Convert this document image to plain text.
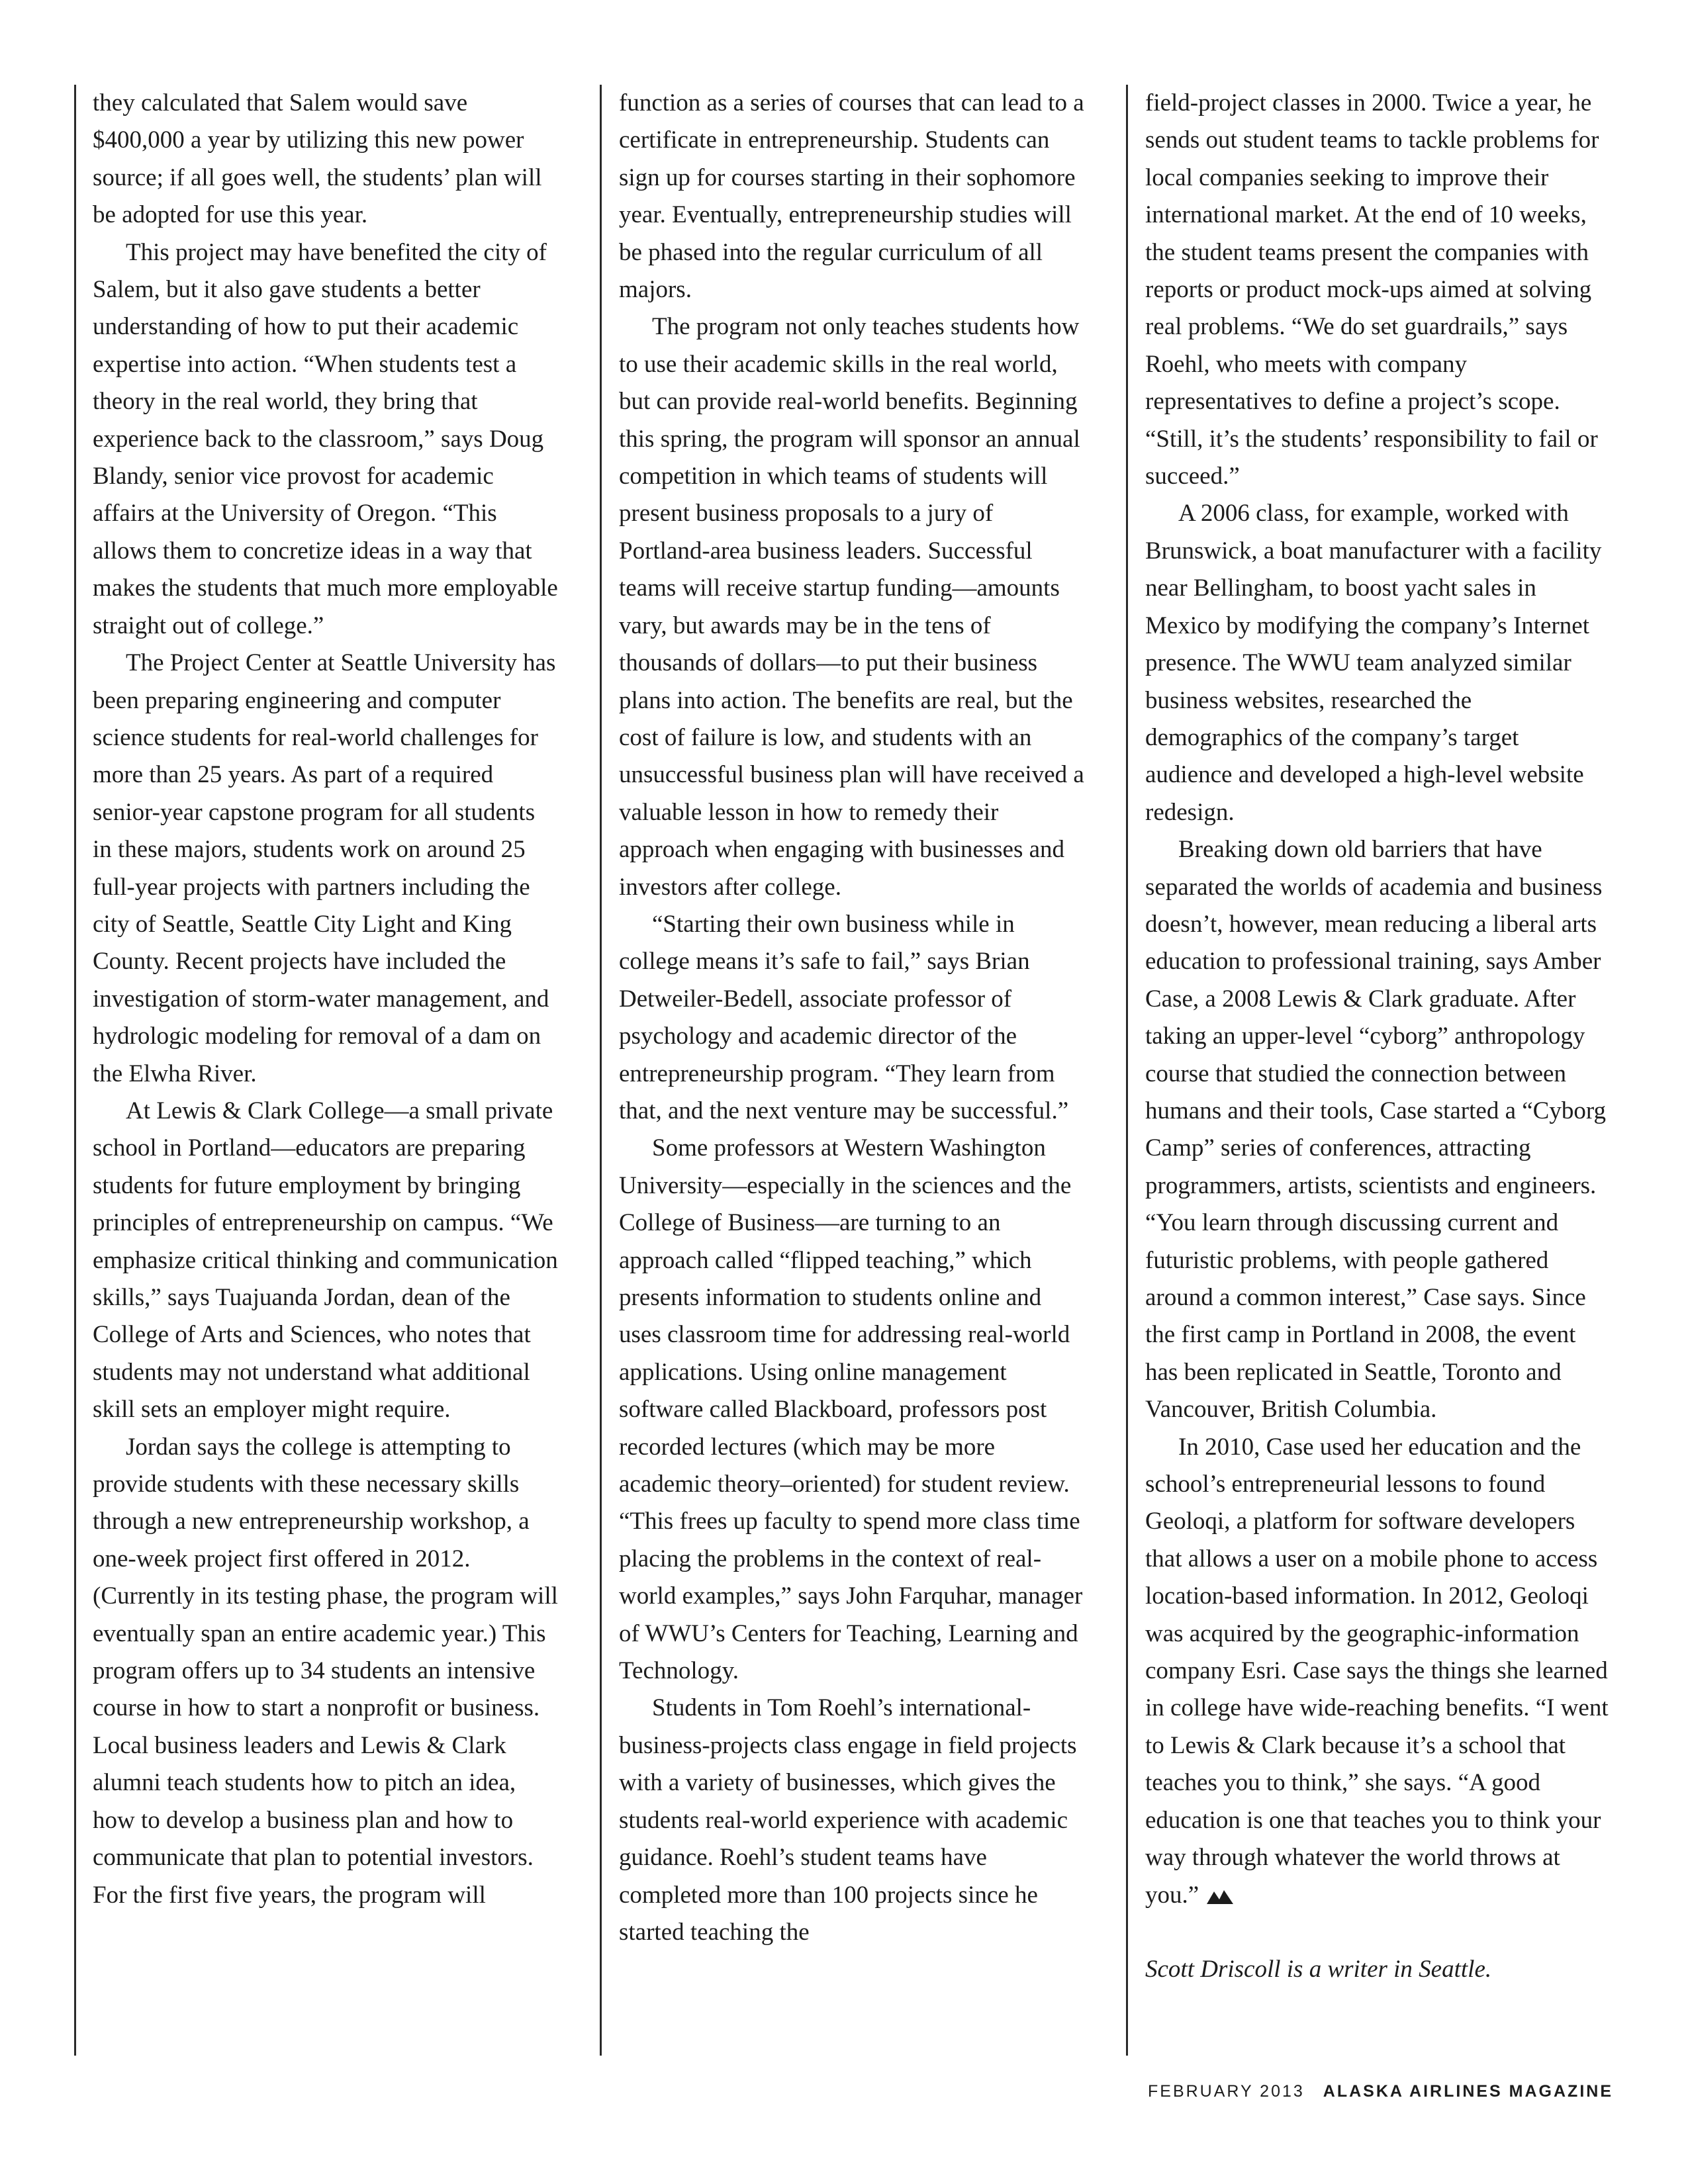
they calculated that Salem would save $400,000 a year by utilizing this new power source; if all goes well, the students’ plan will be adopted for use this year.

This project may have benefited the city of Salem, but it also gave students a better understanding of how to put their academic expertise into action. “When students test a theory in the real world, they bring that experience back to the classroom,” says Doug Blandy, senior vice provost for academic affairs at the University of Oregon. “This allows them to concretize ideas in a way that makes the students that much more employable straight out of college.”

The Project Center at Seattle University has been preparing engineering and computer science students for real-world challenges for more than 25 years. As part of a required senior-year capstone program for all students in these majors, students work on around 25 full-year projects with partners including the city of Seattle, Seattle City Light and King County. Recent projects have included the investigation of storm-water management, and hydrologic modeling for removal of a dam on the Elwha River.

At Lewis & Clark College—a small private school in Portland—educators are preparing students for future employment by bringing principles of entrepreneurship on campus. “We emphasize critical thinking and communication skills,” says Tuajuanda Jordan, dean of the College of Arts and Sciences, who notes that students may not understand what additional skill sets an employer might require.

Jordan says the college is attempting to provide students with these necessary skills through a new entrepreneurship workshop, a one-week project first offered in 2012. (Currently in its testing phase, the program will eventually span an entire academic year.) This program offers up to 34 students an intensive course in how to start a nonprofit or business. Local business leaders and Lewis & Clark alumni teach students how to pitch an idea, how to develop a business plan and how to communicate that plan to potential investors. For the first five years, the program will

function as a series of courses that can lead to a certificate in entrepreneurship. Students can sign up for courses starting in their sophomore year. Eventually, entrepreneurship studies will be phased into the regular curriculum of all majors.

The program not only teaches students how to use their academic skills in the real world, but can provide real-world benefits. Beginning this spring, the program will sponsor an annual competition in which teams of students will present business proposals to a jury of Portland-area business leaders. Successful teams will receive startup funding—amounts vary, but awards may be in the tens of thousands of dollars—to put their business plans into action. The benefits are real, but the cost of failure is low, and students with an unsuccessful business plan will have received a valuable lesson in how to remedy their approach when engaging with businesses and investors after college.

“Starting their own business while in college means it’s safe to fail,” says Brian Detweiler-Bedell, associate professor of psychology and academic director of the entrepreneurship program. “They learn from that, and the next venture may be successful.”

Some professors at Western Washington University—especially in the sciences and the College of Business—are turning to an approach called “flipped teaching,” which presents information to students online and uses classroom time for addressing real-world applications. Using online management software called Blackboard, professors post recorded lectures (which may be more academic theory–oriented) for student review. “This frees up faculty to spend more class time placing the problems in the context of real-world examples,” says John Farquhar, manager of WWU’s Centers for Teaching, Learning and Technology.

Students in Tom Roehl’s international-business-projects class engage in field projects with a variety of businesses, which gives the students real-world experience with academic guidance. Roehl’s student teams have completed more than 100 projects since he started teaching the

field-project classes in 2000. Twice a year, he sends out student teams to tackle problems for local companies seeking to improve their international market. At the end of 10 weeks, the student teams present the companies with reports or product mock-ups aimed at solving real problems. “We do set guardrails,” says Roehl, who meets with company representatives to define a project’s scope. “Still, it’s the students’ responsibility to fail or succeed.”

A 2006 class, for example, worked with Brunswick, a boat manufacturer with a facility near Bellingham, to boost yacht sales in Mexico by modifying the company’s Internet presence. The WWU team analyzed similar business websites, researched the demographics of the company’s target audience and developed a high-level website redesign.

Breaking down old barriers that have separated the worlds of academia and business doesn’t, however, mean reducing a liberal arts education to professional training, says Amber Case, a 2008 Lewis & Clark graduate. After taking an upper-level “cyborg” anthropology course that studied the connection between humans and their tools, Case started a “Cyborg Camp” series of conferences, attracting programmers, artists, scientists and engineers. “You learn through discussing current and futuristic problems, with people gathered around a common interest,” Case says. Since the first camp in Portland in 2008, the event has been replicated in Seattle, Toronto and Vancouver, British Columbia.

In 2010, Case used her education and the school’s entrepreneurial lessons to found Geoloqi, a platform for software developers that allows a user on a mobile phone to access location-based information. In 2012, Geoloqi was acquired by the geographic-information company Esri. Case says the things she learned in college have wide-reaching benefits. “I went to Lewis & Clark because it’s a school that teaches you to think,” she says. “A good education is one that teaches you to think your way through whatever the world throws at you.”

Scott Driscoll is a writer in Seattle.

FEBRUARY 2013 ALASKA AIRLINES MAGAZINE
